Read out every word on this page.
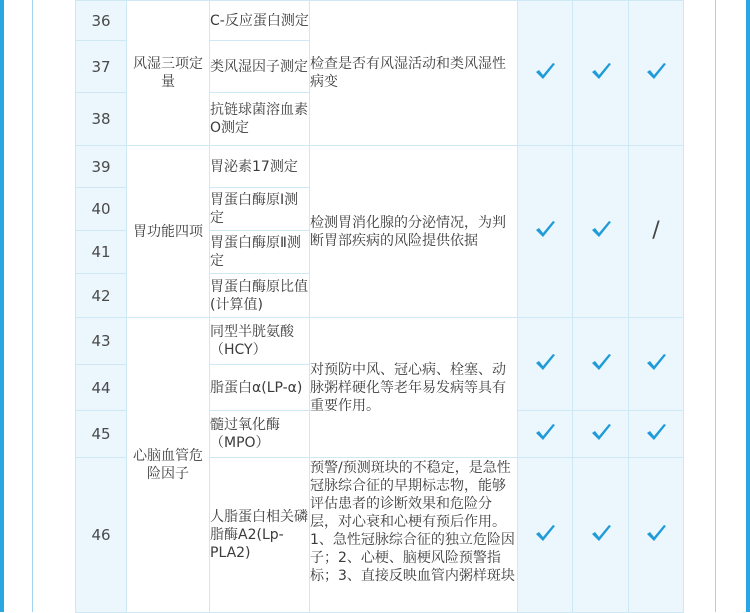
36	风湿三项定量	C-反应蛋白测定	检查是否有风湿活动和类风湿性病变			
37		类风湿因子测定				
38		抗链球菌溶血素O测定				
39	胃功能四项	胃泌素17测定	检测胃消化腺的分泌情况，为判断胃部疾病的风险提供依据			/
40		胃蛋白酶原Ⅰ测定				
41		胃蛋白酶原Ⅱ测定				
42		胃蛋白酶原比值(计算值)				
43	心脑血管危险因子	同型半胱氨酸（HCY）	对预防中风、冠心病、栓塞、动脉粥样硬化等老年易发病等具有重要作用。			
44		脂蛋白α(LP-α)				
45		髓过氧化酶（MPO）			
46		人脂蛋白相关磷脂酶A2(Lp-PLA2)	预警/预测斑块的不稳定，是急性冠脉综合征的早期标志物，能够评估患者的诊断效果和危险分层，对心衰和心梗有预后作用。1、急性冠脉综合征的独立危险因子；2、心梗、脑梗风险预警指标；3、直接反映血管内粥样斑块			
